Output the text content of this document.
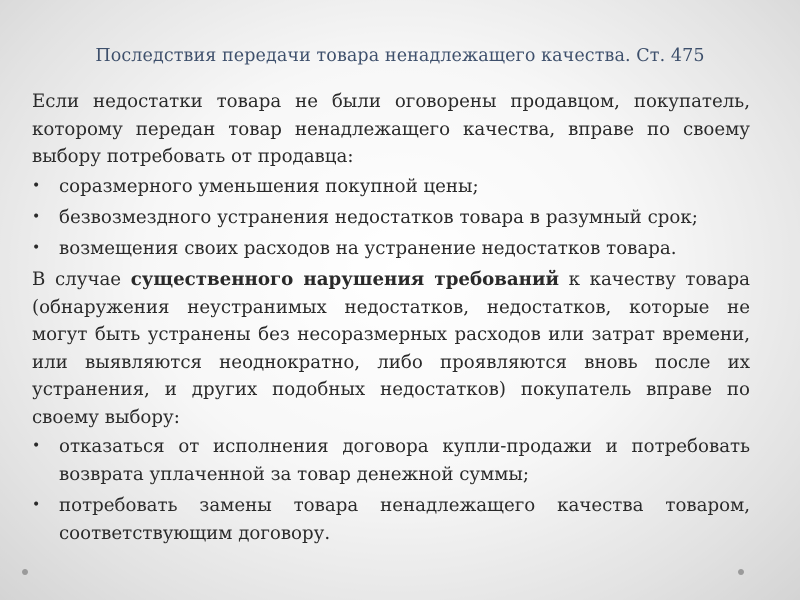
Последствия передачи товара ненадлежащего качества. Ст. 475

Если недостатки товара не были оговорены продавцом, покупатель, которому передан товар ненадлежащего качества, вправе по своему выбору потребовать от продавца:

• соразмерного уменьшения покупной цены;
• безвозмездного устранения недостатков товара в разумный срок;
• возмещения своих расходов на устранение недостатков товара.

В случае существенного нарушения требований к качеству товара (обнаружения неустранимых недостатков, недостатков, которые не могут быть устранены без несоразмерных расходов или затрат времени, или выявляются неоднократно, либо проявляются вновь после их устранения, и других подобных недостатков) покупатель вправе по своему выбору:

• отказаться от исполнения договора купли-продажи и потребовать возврата уплаченной за товар денежной суммы;
• потребовать замены товара ненадлежащего качества товаром, соответствующим договору.
